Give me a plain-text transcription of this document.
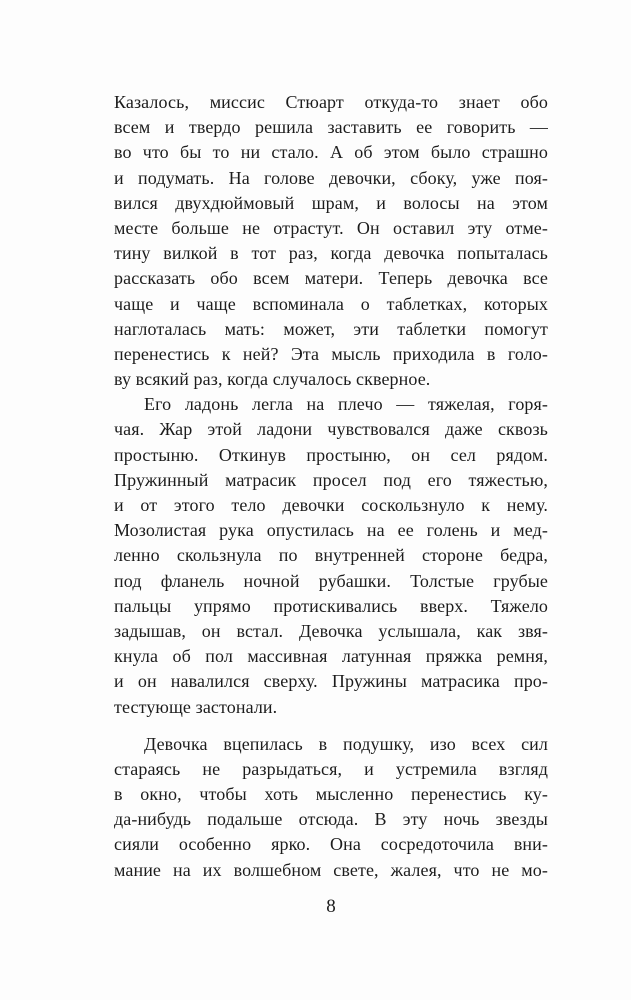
Казалось, миссис Стюарт откуда-то знает обо
всем и твердо решила заставить ее говорить —
во что бы то ни стало. А об этом было страшно
и подумать. На голове девочки, сбоку, уже поя-
вился двухдюймовый шрам, и волосы на этом
месте больше не отрастут. Он оставил эту отме-
тину вилкой в тот раз, когда девочка попыталась
рассказать обо всем матери. Теперь девочка все
чаще и чаще вспоминала о таблетках, которых
наглоталась мать: может, эти таблетки помогут
перенестись к ней? Эта мысль приходила в голо-
ву всякий раз, когда случалось скверное.

Его ладонь легла на плечо — тяжелая, горя-
чая. Жар этой ладони чувствовался даже сквозь
простыню. Откинув простыню, он сел рядом.
Пружинный матрасик просел под его тяжестью,
и от этого тело девочки соскользнуло к нему.
Мозолистая рука опустилась на ее голень и мед-
ленно скользнула по внутренней стороне бедра,
под фланель ночной рубашки. Толстые грубые
пальцы упрямо протискивались вверх. Тяжело
задышав, он встал. Девочка услышала, как звя-
кнула об пол массивная латунная пряжка ремня,
и он навалился сверху. Пружины матрасика про-
тестующе застонали.

Девочка вцепилась в подушку, изо всех сил
стараясь не разрыдаться, и устремила взгляд
в окно, чтобы хоть мысленно перенестись ку-
да-нибудь подальше отсюда. В эту ночь звезды
сияли особенно ярко. Она сосредоточила вни-
мание на их волшебном свете, жалея, что не мо-

8
